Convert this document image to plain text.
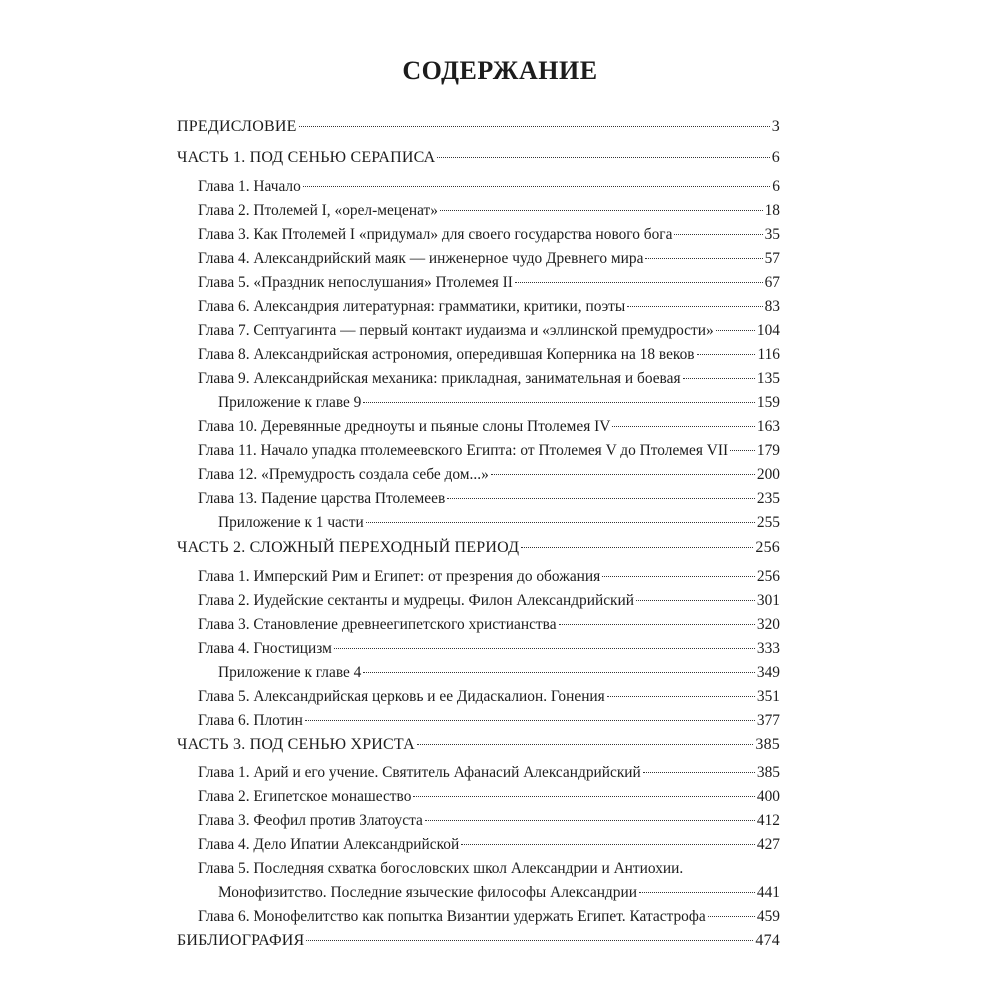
СОДЕРЖАНИЕ
ПРЕДИСЛОВИЕ	3
ЧАСТЬ 1. ПОД СЕНЬЮ СЕРАПИСА	6
Глава 1. Начало	6
Глава 2. Птолемей I, «орел-меценат»	18
Глава 3. Как Птолемей I «придумал» для своего государства нового бога	35
Глава 4. Александрийский маяк — инженерное чудо Древнего мира	57
Глава 5. «Праздник непослушания» Птолемея II	67
Глава 6. Александрия литературная: грамматики, критики, поэты	83
Глава 7. Септуагинта — первый контакт иудаизма и «эллинской премудрости»	104
Глава 8. Александрийская астрономия, опередившая Коперника на 18 веков	116
Глава 9. Александрийская механика: прикладная, занимательная и боевая	135
Приложение к главе 9	159
Глава 10. Деревянные дредноуты и пьяные слоны Птолемея IV	163
Глава 11. Начало упадка птолемеевского Египта: от Птолемея V до Птолемея VII 179
Глава 12. «Премудрость создала себе дом...»	200
Глава 13. Падение царства Птолемеев	235
Приложение к 1 части	255
ЧАСТЬ 2. СЛОЖНЫЙ ПЕРЕХОДНЫЙ ПЕРИОД	256
Глава 1. Имперский Рим и Египет: от презрения до обожания	256
Глава 2. Иудейские сектанты и мудрецы. Филон Александрийский	301
Глава 3. Становление древнеегипетского христианства	320
Глава 4. Гностицизм	333
Приложение к главе 4	349
Глава 5. Александрийская церковь и ее Дидаскалион. Гонения	351
Глава 6. Плотин	377
ЧАСТЬ 3. ПОД СЕНЬЮ ХРИСТА	385
Глава 1. Арий и его учение. Святитель Афанасий Александрийский	385
Глава 2. Египетское монашество	400
Глава 3. Феофил против Златоуста	412
Глава 4. Дело Ипатии Александрийской	427
Глава 5. Последняя схватка богословских школ Александрии и Антиохии.
Монофизитство. Последние языческие философы Александрии	441
Глава 6. Монофелитство как попытка Византии удержать Египет. Катастрофа	459
БИБЛИОГРАФИЯ	474
